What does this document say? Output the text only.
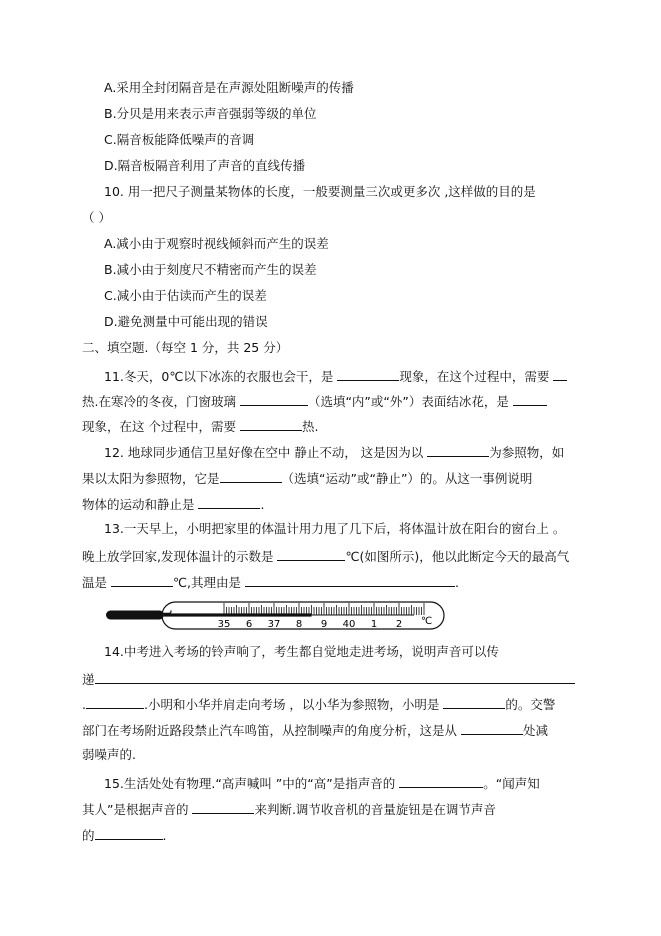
A.采用全封闭隔音是在声源处阻断噪声的传播
B.分贝是用来表示声音强弱等级的单位
C.隔音板能降低噪声的音调
D.隔音板隔音利用了声音的直线传播
10. 用一把尺子测量某物体的长度，一般要测量三次或更多次 ,这样做的目的是
（ ）
A.减小由于观察时视线倾斜而产生的误差
B.减小由于刻度尺不精密而产生的误差
C.减小由于估读而产生的误差
D.避免测量中可能出现的错误
二、填空题.（每空 1 分，共 25 分）
11.冬天，0℃以下冰冻的衣服也会干，是	现象，在这个过程中，需要
热.在寒冷的冬夜，门窗玻璃	（选填“内”或“外”）表面结冰花，是
现象，在这 个过程中，需要	热.
12. 地球同步通信卫星好像在空中 静止不动， 这是因为以	为参照物，如
果以太阳为参照物，它是	（选填“运动”或“静止”）的。从这一事例说明
物体的运动和静止是	.
13.一天早上，小明把家里的体温计用力甩了几下后，将体温计放在阳台的窗台上 。
晚上放学回家,发现体温计的示数是	℃(如图所示)，他以此断定今天的最高气
温是	℃,其理由是	.
35 6 37 8 9 40 1 2 ℃
14.中考进入考场的铃声响了，考生都自觉地走进考场，说明声音可以传
递
.	.小明和小华并肩走向考场 ，以小华为参照物，小明是	的。交警
部门在考场附近路段禁止汽车鸣笛，从控制噪声的角度分析，这是从	处减
弱噪声的.
15.生活处处有物理.“高声喊叫 ”中的“高”是指声音的	。“闻声知
其人”是根据声音的	来判断.调节收音机的音量旋钮是在调节声音
的	.
